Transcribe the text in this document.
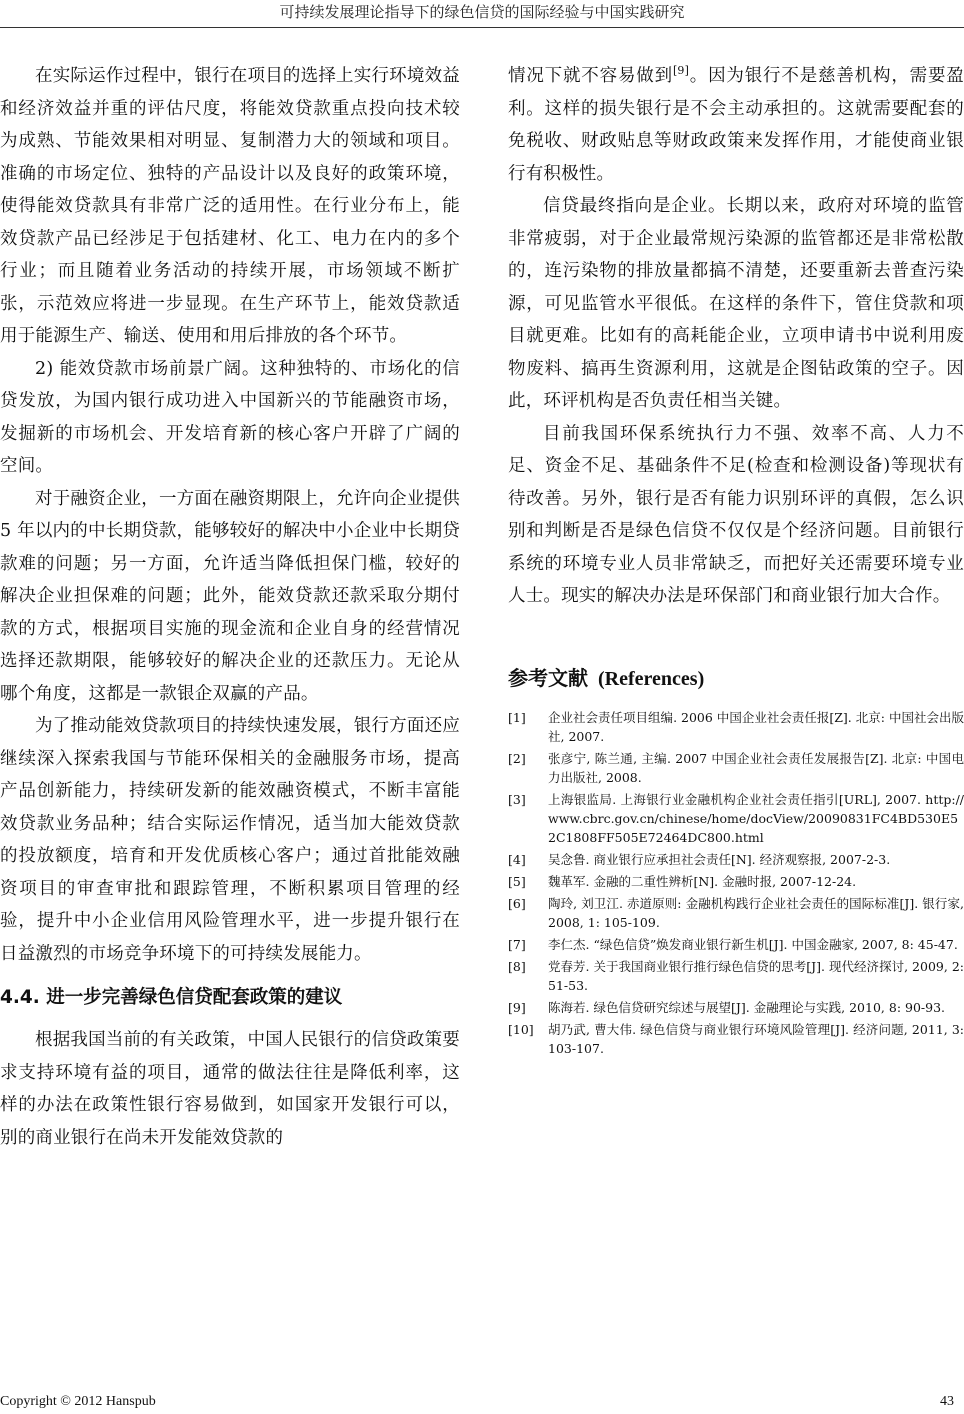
可持续发展理论指导下的绿色信贷的国际经验与中国实践研究

在实际运作过程中，银行在项目的选择上实行环境效益和经济效益并重的评估尺度，将能效贷款重点投向技术较为成熟、节能效果相对明显、复制潜力大的领域和项目。准确的市场定位、独特的产品设计以及良好的政策环境，使得能效贷款具有非常广泛的适用性。在行业分布上，能效贷款产品已经涉足于包括建材、化工、电力在内的多个行业；而且随着业务活动的持续开展，市场领域不断扩张，示范效应将进一步显现。在生产环节上，能效贷款适用于能源生产、输送、使用和用后排放的各个环节。

2) 能效贷款市场前景广阔。这种独特的、市场化的信贷发放，为国内银行成功进入中国新兴的节能融资市场，发掘新的市场机会、开发培育新的核心客户开辟了广阔的空间。

对于融资企业，一方面在融资期限上，允许向企业提供 5 年以内的中长期贷款，能够较好的解决中小企业中长期贷款难的问题；另一方面，允许适当降低担保门槛，较好的解决企业担保难的问题；此外，能效贷款还款采取分期付款的方式，根据项目实施的现金流和企业自身的经营情况选择还款期限，能够较好的解决企业的还款压力。无论从哪个角度，这都是一款银企双赢的产品。

为了推动能效贷款项目的持续快速发展，银行方面还应继续深入探索我国与节能环保相关的金融服务市场，提高产品创新能力，持续研发新的能效融资模式，不断丰富能效贷款业务品种；结合实际运作情况，适当加大能效贷款的投放额度，培育和开发优质核心客户；通过首批能效融资项目的审查审批和跟踪管理，不断积累项目管理的经验，提升中小企业信用风险管理水平，进一步提升银行在日益激烈的市场竞争环境下的可持续发展能力。

4.4. 进一步完善绿色信贷配套政策的建议

根据我国当前的有关政策，中国人民银行的信贷政策要求支持环境有益的项目，通常的做法往往是降低利率，这样的办法在政策性银行容易做到，如国家开发银行可以，别的商业银行在尚未开发能效贷款的

情况下就不容易做到[9]。因为银行不是慈善机构，需要盈利。这样的损失银行是不会主动承担的。这就需要配套的免税收、财政贴息等财政政策来发挥作用，才能使商业银行有积极性。

信贷最终指向是企业。长期以来，政府对环境的监管非常疲弱，对于企业最常规污染源的监管都还是非常松散的，连污染物的排放量都搞不清楚，还要重新去普查污染源，可见监管水平很低。在这样的条件下，管住贷款和项目就更难。比如有的高耗能企业，立项申请书中说利用废物废料、搞再生资源利用，这就是企图钻政策的空子。因此，环评机构是否负责任相当关键。

目前我国环保系统执行力不强、效率不高、人力不足、资金不足、基础条件不足(检查和检测设备)等现状有待改善。另外，银行是否有能力识别环评的真假，怎么识别和判断是否是绿色信贷不仅仅是个经济问题。目前银行系统的环境专业人员非常缺乏，而把好关还需要环境专业人士。现实的解决办法是环保部门和商业银行加大合作。

参考文献 (References)
[1] 企业社会责任项目组编. 2006 中国企业社会责任报[Z]. 北京: 中国社会出版社, 2007.
[2] 张彦宁, 陈兰通, 主编. 2007 中国企业社会责任发展报告[Z]. 北京: 中国电力出版社, 2008.
[3] 上海银监局. 上海银行业金融机构企业社会责任指引[URL], 2007. http://www.cbrc.gov.cn/chinese/home/docView/20090831FC4BD530E52C1808FF505E72464DC800.html
[4] 吴念鲁. 商业银行应承担社会责任[N]. 经济观察报, 2007-2-3.
[5] 魏革军. 金融的二重性辨析[N]. 金融时报, 2007-12-24.
[6] 陶玲, 刘卫江. 赤道原则: 金融机构践行企业社会责任的国际标准[J]. 银行家, 2008, 1: 105-109.
[7] 李仁杰. “绿色信贷”焕发商业银行新生机[J]. 中国金融家, 2007, 8: 45-47.
[8] 党春芳. 关于我国商业银行推行绿色信贷的思考[J]. 现代经济探讨, 2009, 2: 51-53.
[9] 陈海若. 绿色信贷研究综述与展望[J]. 金融理论与实践, 2010, 8: 90-93.
[10] 胡乃武, 曹大伟. 绿色信贷与商业银行环境风险管理[J]. 经济问题, 2011, 3: 103-107.
Copyright © 2012 Hanspub	43
